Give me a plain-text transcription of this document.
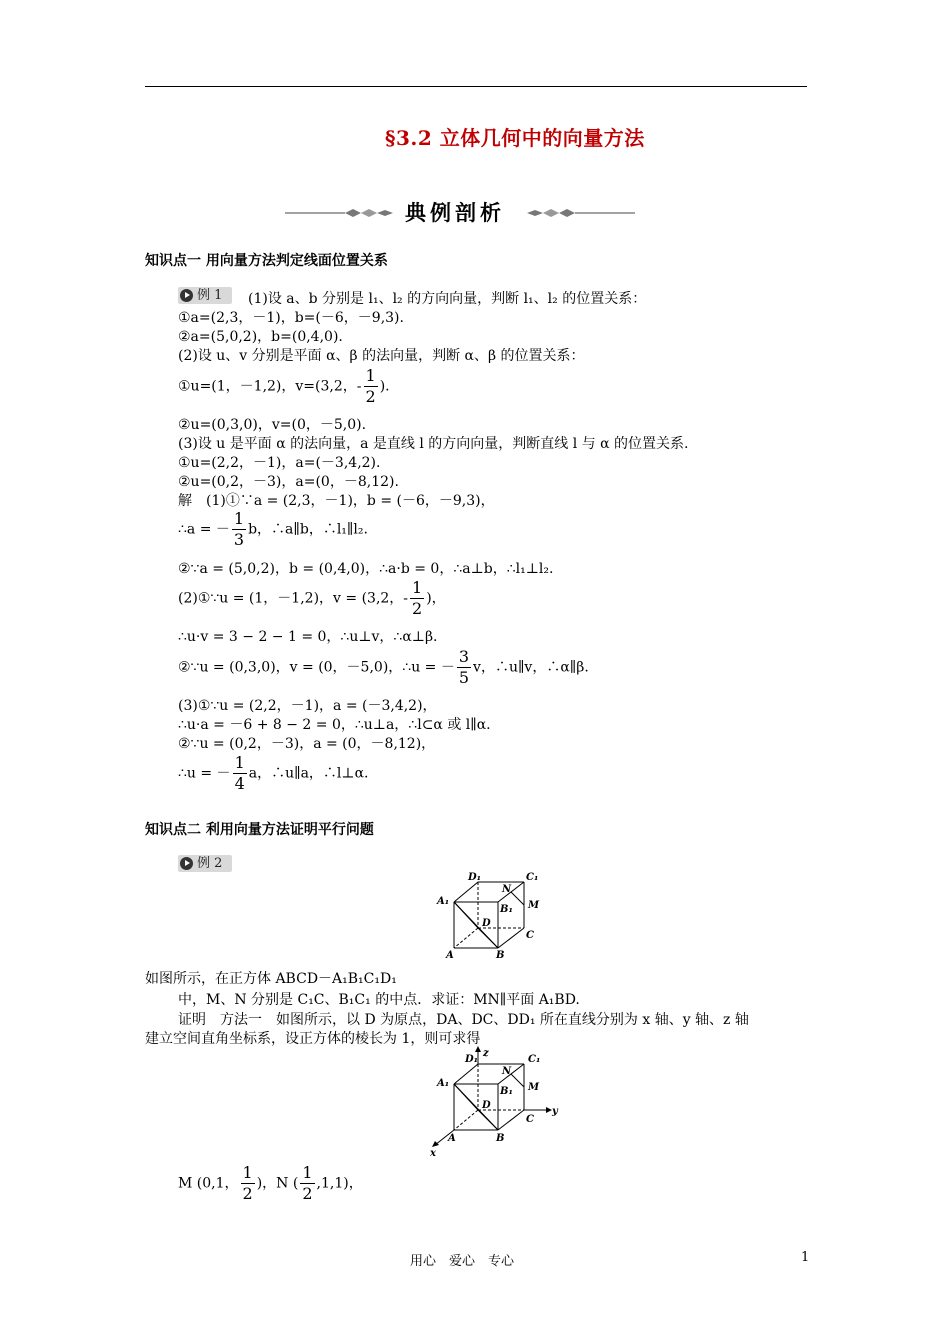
§3.2 立体几何中的向量方法
典例剖析
知识点一 用向量方法判定线面位置关系
例 1 (1)设 a、b 分别是 l₁、l₂ 的方向向量，判断 l₁、l₂ 的位置关系：
①a=(2,3，－1)，b=(－6，－9,3).
②a=(5,0,2)，b=(0,4,0).
(2)设 u、v 分别是平面 α、β 的法向量，判断 α、β 的位置关系：
①u=(1，－1,2)，v=(3,2，- $\frac{1}{2}$ ).
②u=(0,3,0)，v=(0，－5,0).
(3)设 u 是平面 α 的法向量，a 是直线 l 的方向向量，判断直线 l 与 α 的位置关系.
①u=(2,2，－1)，a=(－3,4,2).
②u=(0,2，－3)，a=(0，－8,12).
解　(1)①∵a = (2,3，－1)，b = (－6，－9,3)，
∴a = － $\frac{1}{3}$ b，∴a∥b，∴l₁∥l₂.
②∵a = (5,0,2)，b = (0,4,0)，∴a·b = 0，∴a⊥b，∴l₁⊥l₂.
(2)①∵u = (1，－1,2)，v = (3,2，- $\frac{1}{2}$ )，
∴u·v = 3 − 2 − 1 = 0，∴u⊥v，∴α⊥β.
②∵u = (0,3,0)，v = (0，－5,0)，∴u = － $\frac{3}{5}$ v，∴u∥v，∴α∥β.
(3)①∵u = (2,2，－1)，a = (－3,4,2)，
∴u·a = －6 + 8 − 2 = 0，∴u⊥a，∴l⊂α 或 l∥α.
②∵u = (0,2，－3)，a = (0，－8,12)，
∴u = － $\frac{1}{4}$ a，∴u∥a，∴l⊥α.
知识点二 利用向量方法证明平行问题
例 2
D₁	C₁
A₁
B₁
N
M
D
C
A	B
如图所示，在正方体 ABCD－A₁B₁C₁D₁
中，M、N 分别是 C₁C、B₁C₁ 的中点．求证：MN∥平面 A₁BD.
证明　方法一　如图所示，以 D 为原点，DA、DC、DD₁ 所在直线分别为 x 轴、y 轴、z 轴
建立空间直角坐标系，设正方体的棱长为 1，则可求得
z
D₁	C₁
A₁
B₁
N
M
D
C
y
A	B
x
M (0,1， $\frac{1}{2}$ )，N ( $\frac{1}{2} ,1,1$)，
用心　爱心　专心	1
